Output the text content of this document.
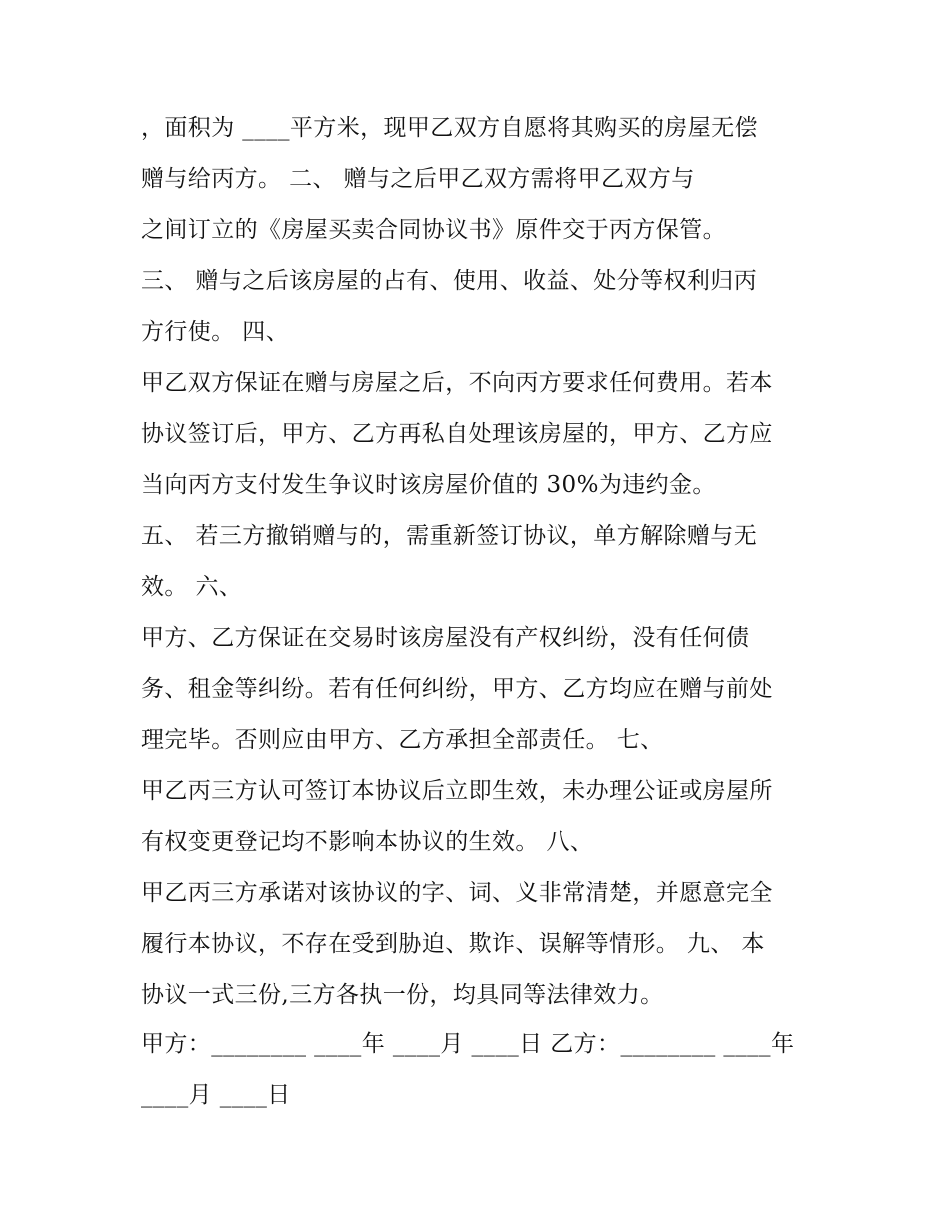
，面积为 ____平方米，现甲乙双方自愿将其购买的房屋无偿
赠与给丙方。 二、 赠与之后甲乙双方需将甲乙双方与
之间订立的《房屋买卖合同协议书》原件交于丙方保管。
三、 赠与之后该房屋的占有、使用、收益、处分等权利归丙
方行使。 四、
甲乙双方保证在赠与房屋之后，不向丙方要求任何费用。若本
协议签订后，甲方、乙方再私自处理该房屋的，甲方、乙方应
当向丙方支付发生争议时该房屋价值的 30%为违约金。
五、 若三方撤销赠与的，需重新签订协议，单方解除赠与无
效。 六、
甲方、乙方保证在交易时该房屋没有产权纠纷，没有任何债
务、租金等纠纷。若有任何纠纷，甲方、乙方均应在赠与前处
理完毕。否则应由甲方、乙方承担全部责任。 七、
甲乙丙三方认可签订本协议后立即生效，未办理公证或房屋所
有权变更登记均不影响本协议的生效。 八、
甲乙丙三方承诺对该协议的字、词、义非常清楚，并愿意完全
履行本协议，不存在受到胁迫、欺诈、误解等情形。 九、 本
协议一式三份,三方各执一份，均具同等法律效力。
甲方：________ ____年 ____月 ____日 乙方：________ ____年
____月 ____日
